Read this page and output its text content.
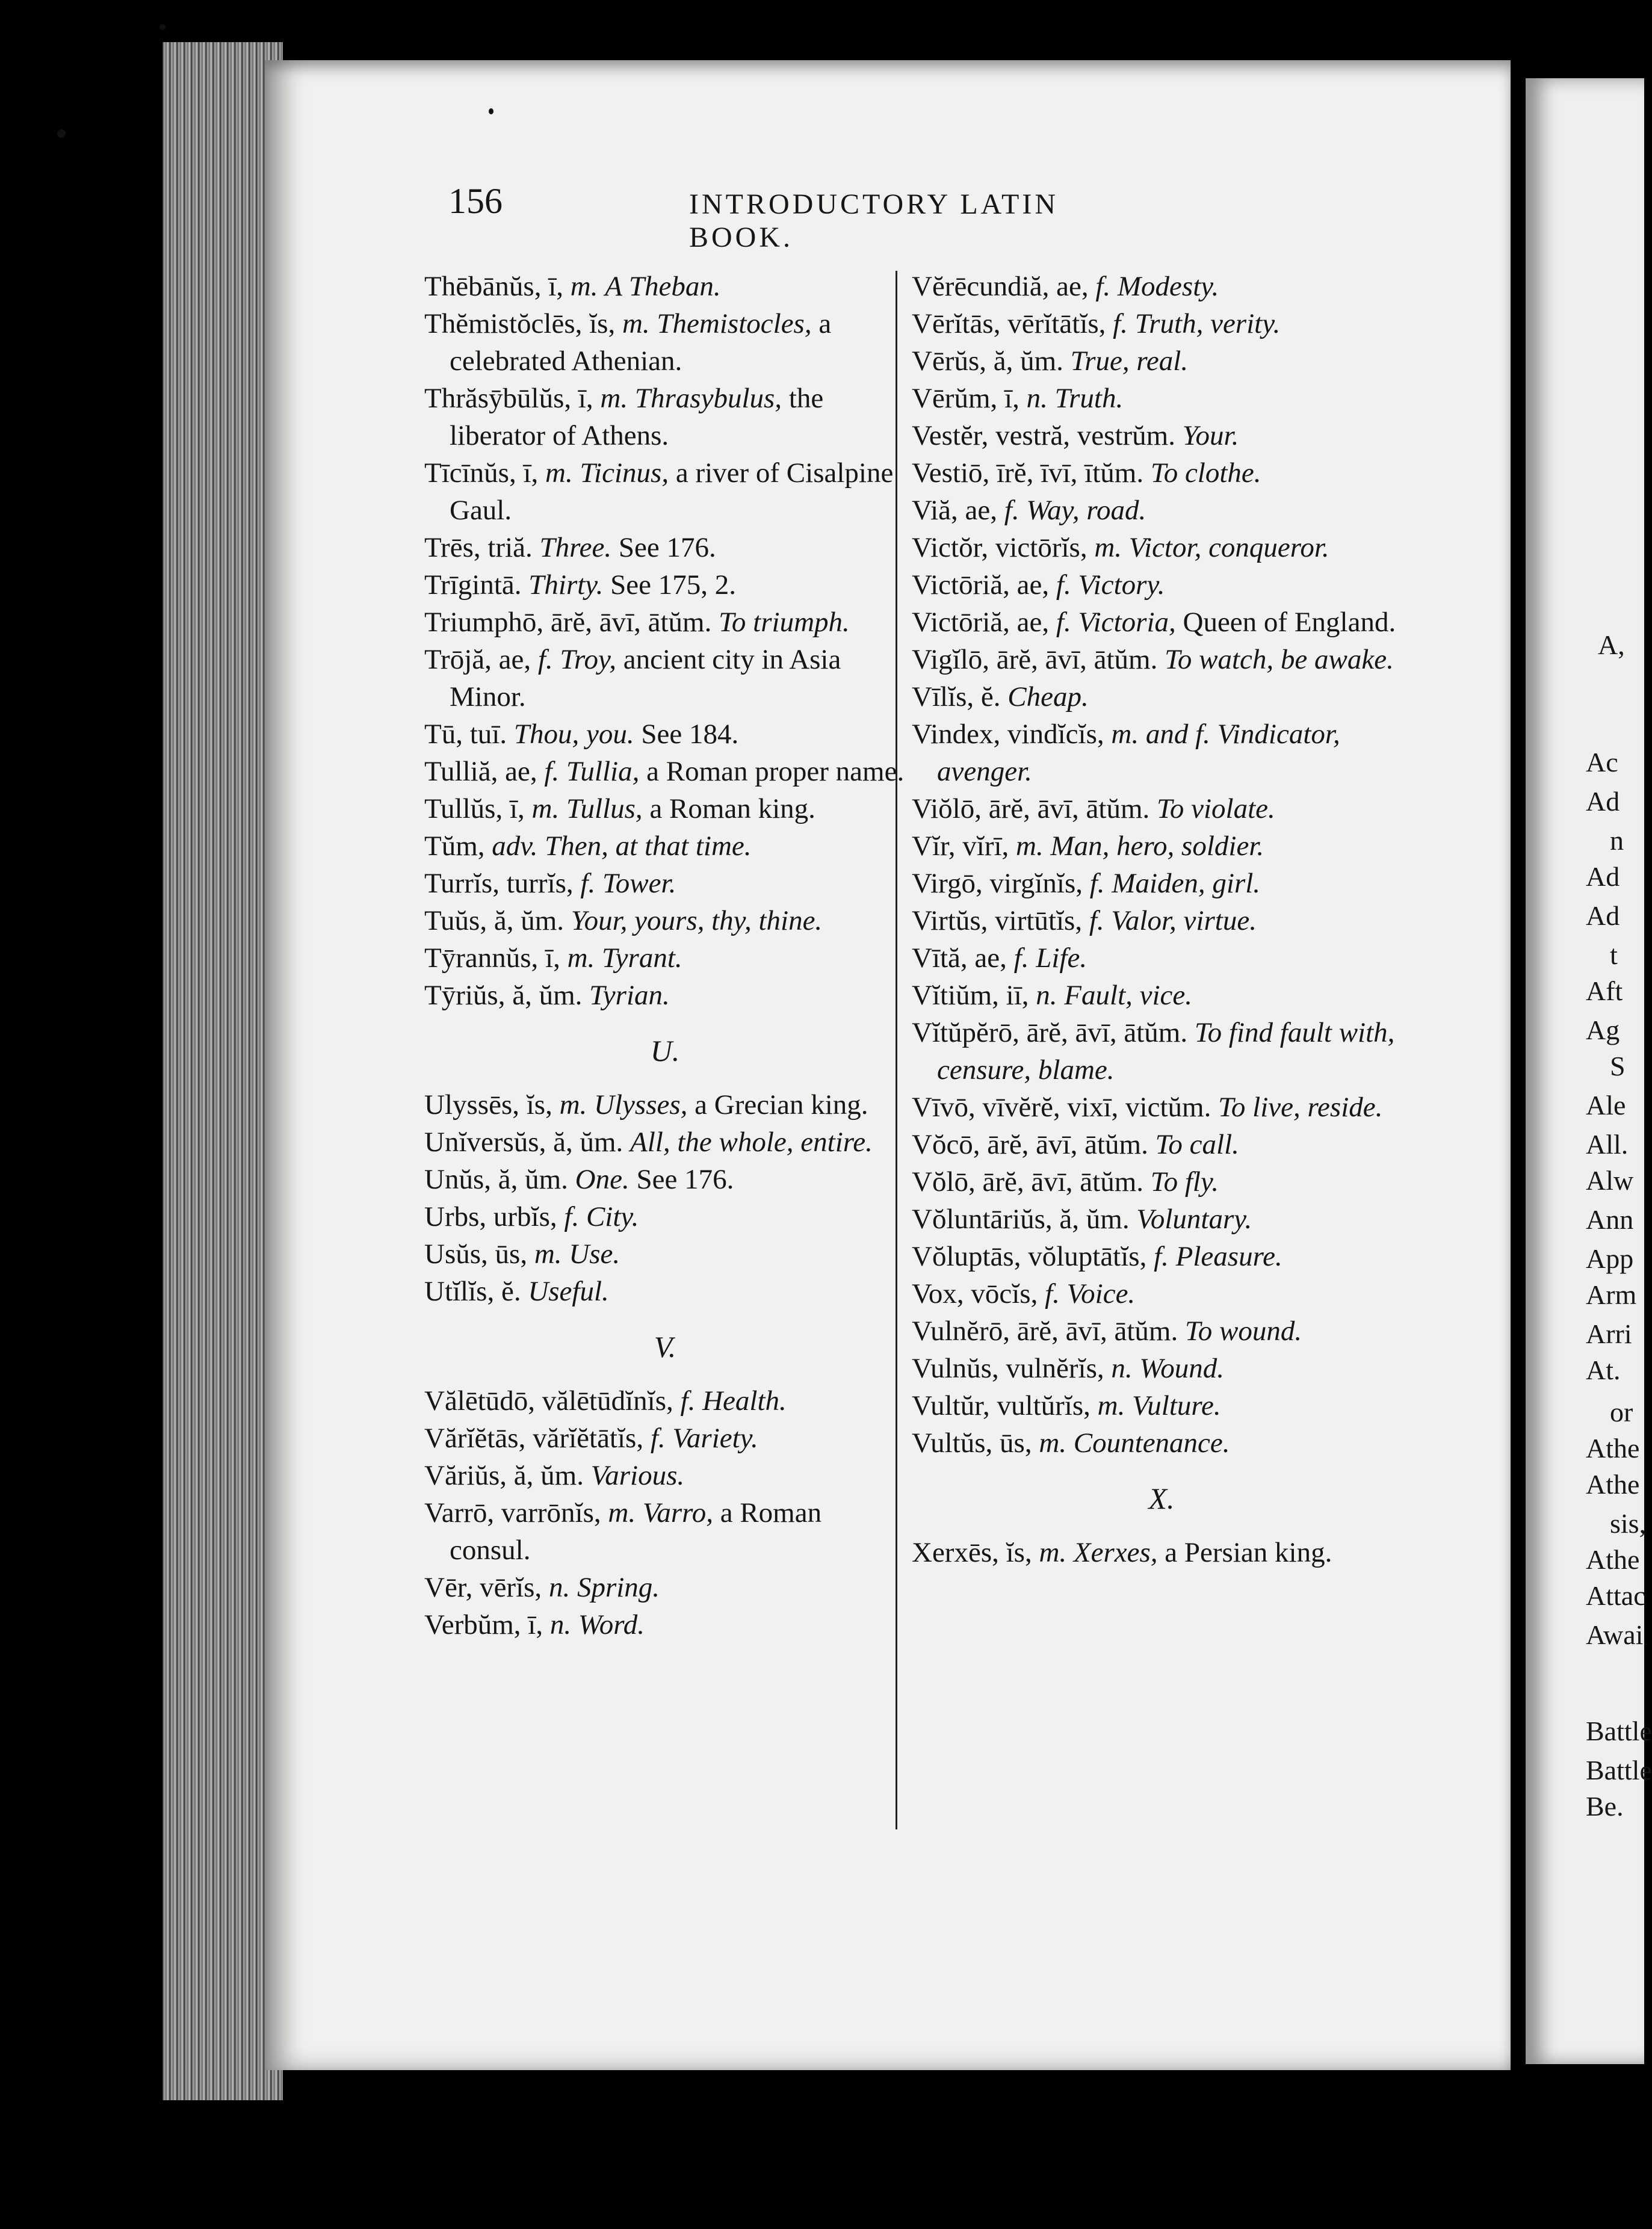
A,
Ac
Ad
n
Ad
Ad
t
Aft
Ag
S
Ale
All.
Alw
Ann
App
Arm
Arri
At.
or
Athe
Athe
sis,
Athe
Attac
Awai
Battle
Battle
Be.
156	INTRODUCTORY LATIN BOOK.
Thēbānŭs, ī, m. A Theban.
Thĕmistŏclēs, ĭs, m. Themistocles, a celebrated Athenian.
Thrăsȳbūlŭs, ī, m. Thrasybulus, the liberator of Athens.
Tīcīnŭs, ī, m. Ticinus, a river of Cisalpine Gaul.
Trēs, triă. Three. See 176.
Trīgintā. Thirty. See 175, 2.
Triumphō, ārĕ, āvī, ātŭm. To triumph.
Trōjă, ae, f. Troy, ancient city in Asia Minor.
Tū, tuī. Thou, you. See 184.
Tulliă, ae, f. Tullia, a Roman proper name.
Tullŭs, ī, m. Tullus, a Roman king.
Tŭm, adv. Then, at that time.
Turrĭs, turrĭs, f. Tower.
Tuŭs, ă, ŭm. Your, yours, thy, thine.
Tȳrannŭs, ī, m. Tyrant.
Tȳriŭs, ă, ŭm. Tyrian.
U.
Ulyssēs, ĭs, m. Ulysses, a Grecian king.
Unĭversŭs, ă, ŭm. All, the whole, entire.
Unŭs, ă, ŭm. One. See 176.
Urbs, urbĭs, f. City.
Usŭs, ūs, m. Use.
Utĭlĭs, ĕ. Useful.
V.
Vălētūdō, vălētūdĭnĭs, f. Health.
Vărĭĕtās, vărĭĕtātĭs, f. Variety.
Văriŭs, ă, ŭm. Various.
Varrō, varrōnĭs, m. Varro, a Roman consul.
Vēr, vērĭs, n. Spring.
Verbŭm, ī, n. Word.
Vĕrēcundiă, ae, f. Modesty.
Vērĭtās, vērĭtātĭs, f. Truth, verity.
Vērŭs, ă, ŭm. True, real.
Vērŭm, ī, n. Truth.
Vestĕr, vestră, vestrŭm. Your.
Vestiō, īrĕ, īvī, ītŭm. To clothe.
Viă, ae, f. Way, road.
Victŏr, victōrĭs, m. Victor, conqueror.
Victōriă, ae, f. Victory.
Victōriă, ae, f. Victoria, Queen of England.
Vigĭlō, ārĕ, āvī, ātŭm. To watch, be awake.
Vīlĭs, ĕ. Cheap.
Vindex, vindĭcĭs, m. and f. Vindicator, avenger.
Viŏlō, ārĕ, āvī, ātŭm. To violate.
Vĭr, vĭrī, m. Man, hero, soldier.
Virgō, virgĭnĭs, f. Maiden, girl.
Virtŭs, virtūtĭs, f. Valor, virtue.
Vītă, ae, f. Life.
Vĭtiŭm, iī, n. Fault, vice.
Vĭtŭpĕrō, ārĕ, āvī, ātŭm. To find fault with, censure, blame.
Vīvō, vīvĕrĕ, vixī, victŭm. To live, reside.
Vŏcō, ārĕ, āvī, ātŭm. To call.
Vŏlō, ārĕ, āvī, ātŭm. To fly.
Vŏluntāriŭs, ă, ŭm. Voluntary.
Vŏluptās, vŏluptātĭs, f. Pleasure.
Vox, vōcĭs, f. Voice.
Vulnĕrō, ārĕ, āvī, ātŭm. To wound.
Vulnŭs, vulnĕrĭs, n. Wound.
Vultŭr, vultŭrĭs, m. Vulture.
Vultŭs, ūs, m. Countenance.
X.
Xerxēs, ĭs, m. Xerxes, a Persian king.
